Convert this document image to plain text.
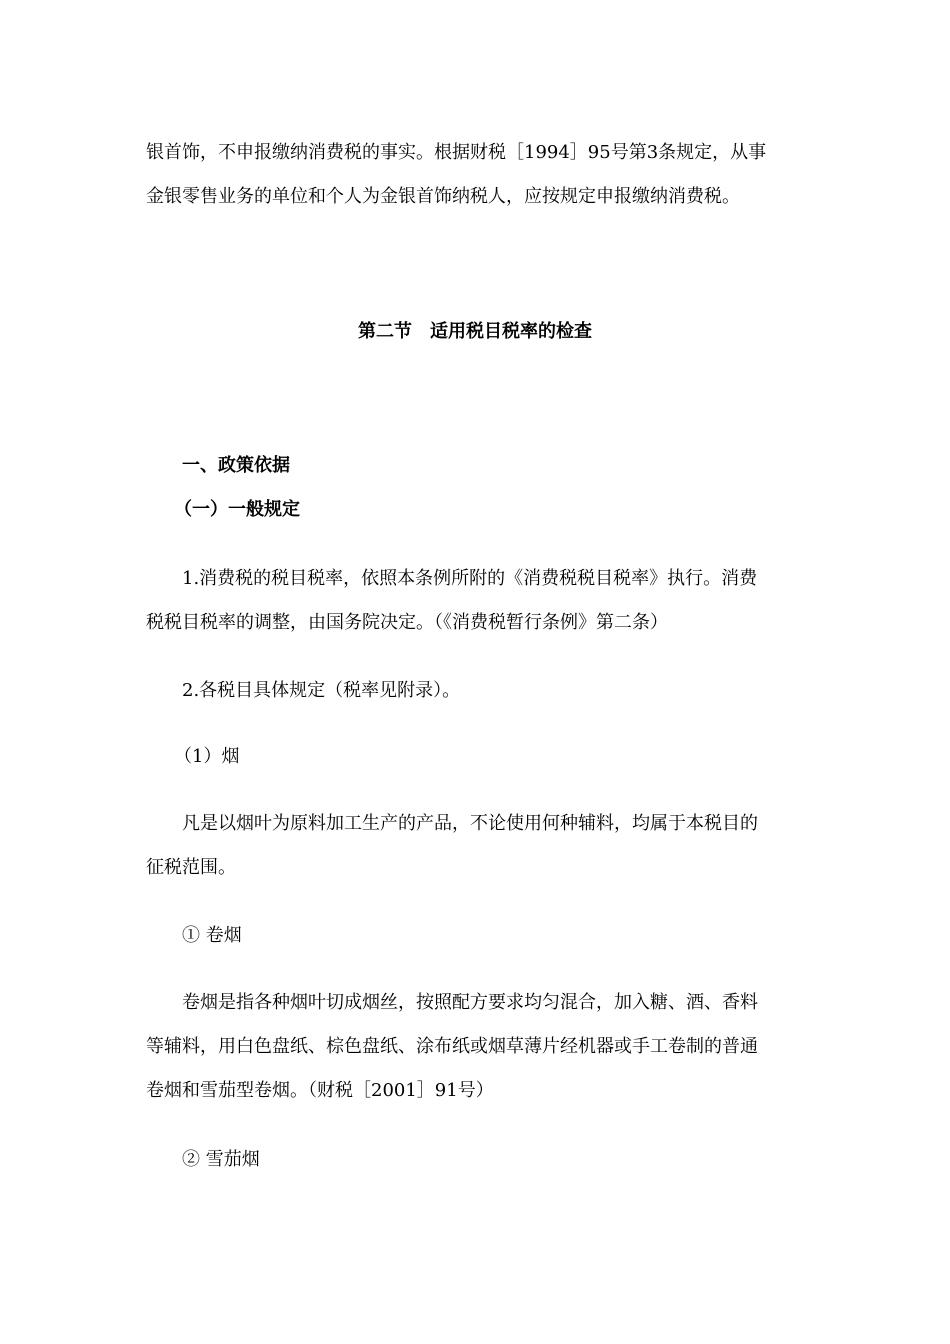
银首饰，不申报缴纳消费税的事实。根据财税［1994］95号第3条规定，从事
金银零售业务的单位和个人为金银首饰纳税人，应按规定申报缴纳消费税。
第二节　适用税目税率的检查
一、政策依据
（一）一般规定
1.消费税的税目税率，依照本条例所附的《消费税税目税率》执行。消费
税税目税率的调整，由国务院决定。（《消费税暂行条例》第二条）
2.各税目具体规定（税率见附录）。
（1）烟
凡是以烟叶为原料加工生产的产品，不论使用何种辅料，均属于本税目的
征税范围。
① 卷烟
卷烟是指各种烟叶切成烟丝，按照配方要求均匀混合，加入糖、酒、香料
等辅料，用白色盘纸、棕色盘纸、涂布纸或烟草薄片经机器或手工卷制的普通
卷烟和雪茄型卷烟。（财税［2001］91号）
② 雪茄烟
